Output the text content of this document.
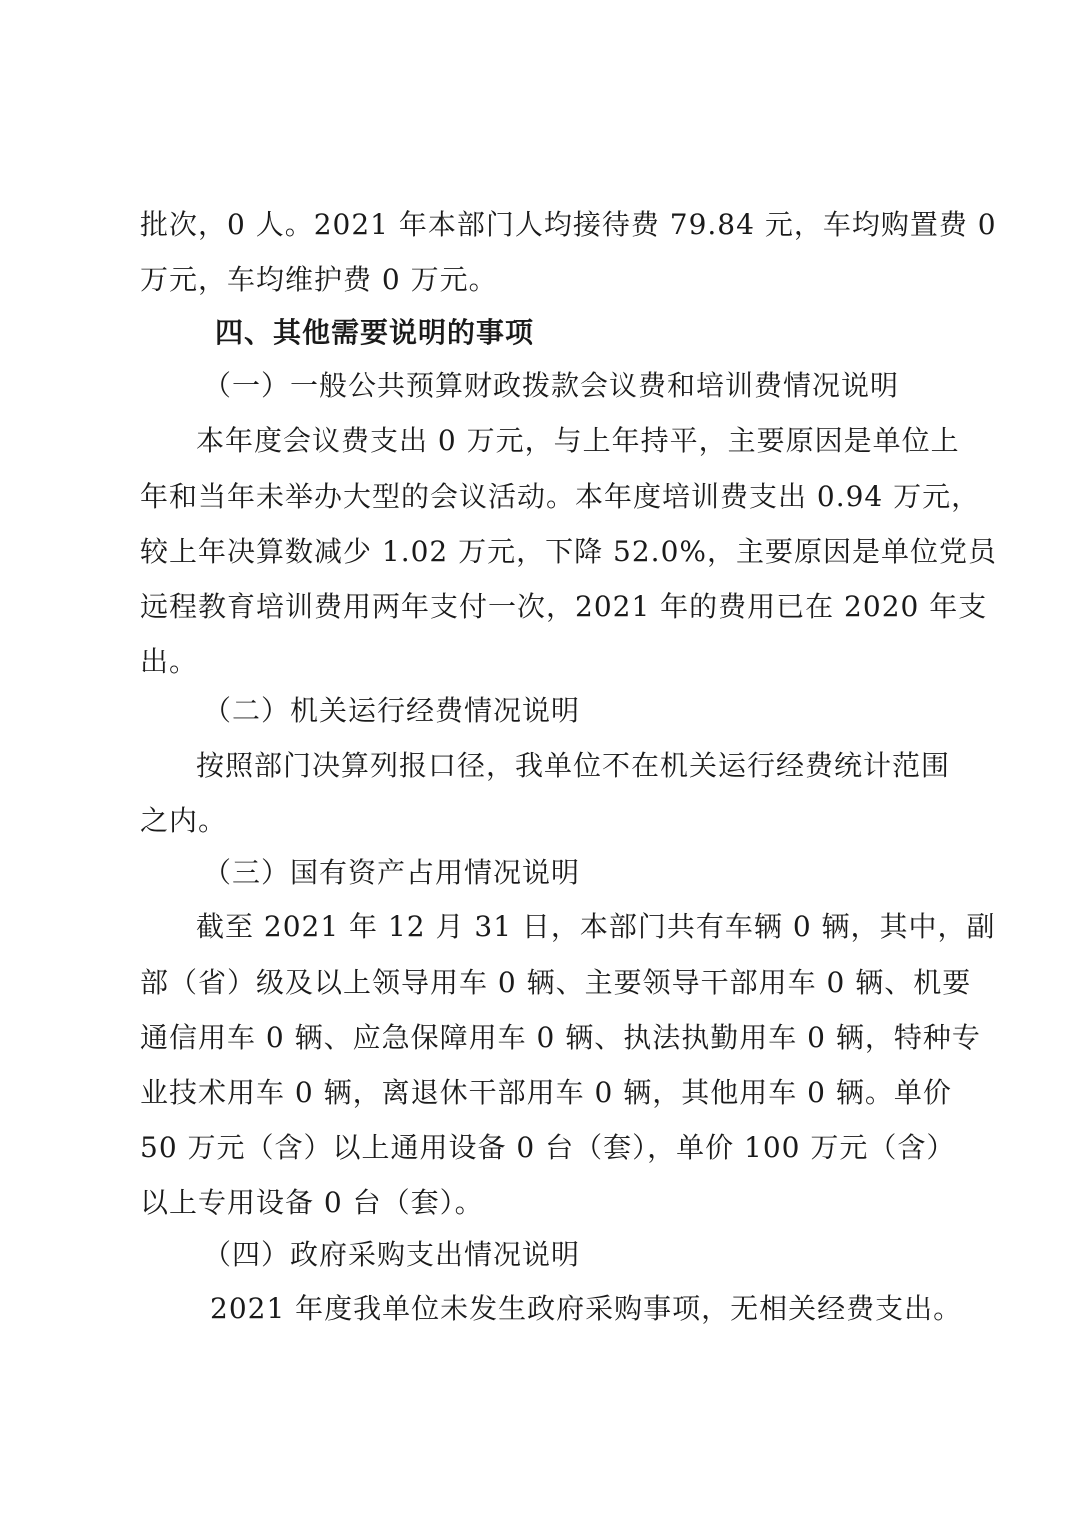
批次，0 人。2021 年本部门人均接待费 79.84 元，车均购置费 0
万元，车均维护费 0 万元。
四、其他需要说明的事项
（一）一般公共预算财政拨款会议费和培训费情况说明
本年度会议费支出 0 万元，与上年持平，主要原因是单位上
年和当年未举办大型的会议活动。本年度培训费支出 0.94 万元，
较上年决算数减少 1.02 万元，下降 52.0%，主要原因是单位党员
远程教育培训费用两年支付一次，2021 年的费用已在 2020 年支
出。
（二）机关运行经费情况说明
按照部门决算列报口径，我单位不在机关运行经费统计范围
之内。
（三）国有资产占用情况说明
截至 2021 年 12 月 31 日，本部门共有车辆 0 辆，其中，副
部（省）级及以上领导用车 0 辆、主要领导干部用车 0 辆、机要
通信用车 0 辆、应急保障用车 0 辆、执法执勤用车 0 辆，特种专
业技术用车 0 辆，离退休干部用车 0 辆，其他用车 0 辆。单价
50 万元（含）以上通用设备 0 台（套），单价 100 万元（含）
以上专用设备 0 台（套）。
（四）政府采购支出情况说明
2021 年度我单位未发生政府采购事项，无相关经费支出。
